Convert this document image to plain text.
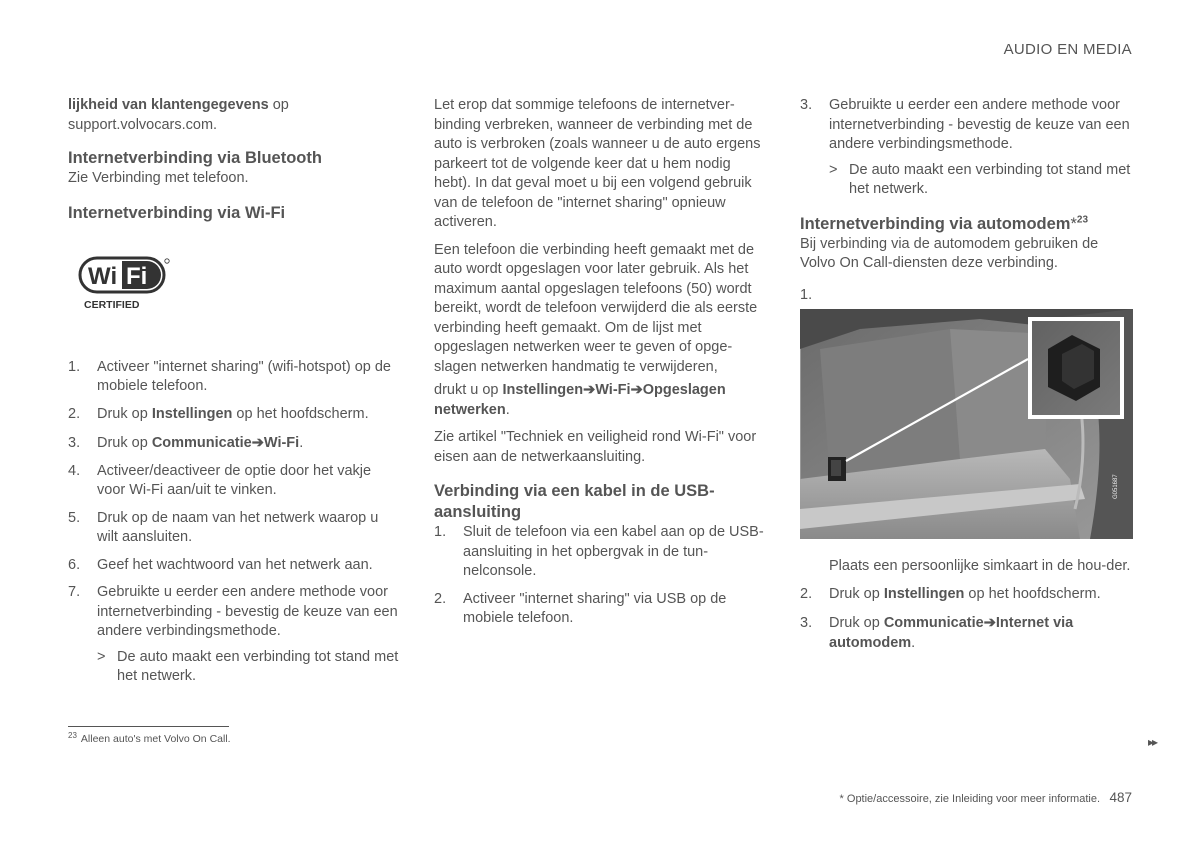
AUDIO EN MEDIA

lijkheid van klantengegevens op
support.volvocars.com.

Internetverbinding via Bluetooth

Zie Verbinding met telefoon.

Internetverbinding via Wi-Fi
Wi Fi
CERTIFIED
1. Activeer "internet sharing" (wifi-hotspot) op de mobiele telefoon.
2. Druk op Instellingen op het hoofdscherm.
3. Druk op Communicatie➔Wi-Fi.
4. Activeer/deactiveer de optie door het vakje voor Wi-Fi aan/uit te vinken.
5. Druk op de naam van het netwerk waarop u wilt aansluiten.
6. Geef het wachtwoord van het netwerk aan.
7. Gebruikte u eerder een andere methode voor internetverbinding - bevestig de keuze van een andere verbindingsmethode.
> De auto maakt een verbinding tot stand met het netwerk.

Let erop dat sommige telefoons de internetver-binding verbreken, wanneer de verbinding met de auto is verbroken (zoals wanneer u de auto ergens parkeert tot de volgende keer dat u hem nodig hebt). In dat geval moet u bij een volgend gebruik van de telefoon de "internet sharing" opnieuw activeren.

Een telefoon die verbinding heeft gemaakt met de auto wordt opgeslagen voor later gebruik. Als het maximum aantal opgeslagen telefoons (50) wordt bereikt, wordt de telefoon verwijderd die als eerste verbinding heeft gemaakt. Om de lijst met opgeslagen netwerken weer te geven of opge-slagen netwerken handmatig te verwijderen,

drukt u op Instellingen➔Wi-Fi➔Opgeslagen netwerken.

Zie artikel "Techniek en veiligheid rond Wi-Fi" voor eisen aan de netwerkaansluiting.

Verbinding via een kabel in de USB-aansluiting
1. Sluit de telefoon via een kabel aan op de USB-aansluiting in het opbergvak in de tun-nelconsole.
2. Activeer "internet sharing" via USB op de mobiele telefoon.
3. Gebruikte u eerder een andere methode voor internetverbinding - bevestig de keuze van een andere verbindingsmethode.
> De auto maakt een verbinding tot stand met het netwerk.
Internetverbinding via automodem*$^{23}$

Bij verbinding via de automodem gebruiken de Volvo On Call-diensten deze verbinding.

1.

G051687

Plaats een persoonlijke simkaart in de hou-der.

2. Druk op Instellingen op het hoofdscherm.
3. Druk op Communicatie➔Internet via automodem.
$^{23}$ Alleen auto's met Volvo On Call.	▸▸
* Optie/accessoire, zie Inleiding voor meer informatie. 487
